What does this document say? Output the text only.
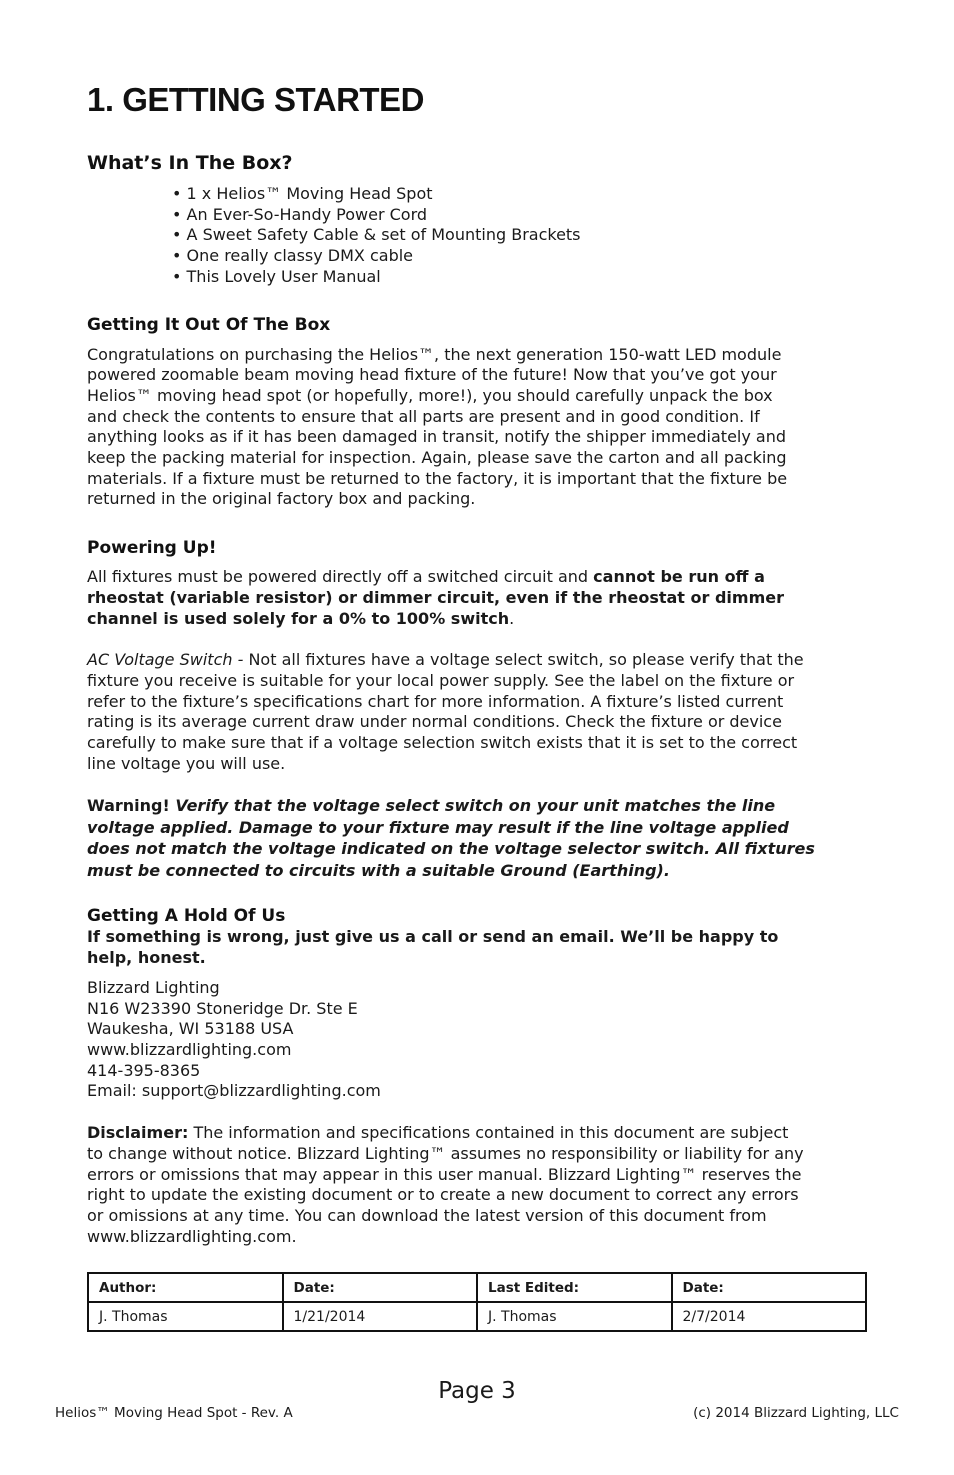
1. GETTING STARTED
What’s In The Box?
• 1 x Helios™ Moving Head Spot
• An Ever-So-Handy Power Cord
• A Sweet Safety Cable & set of Mounting Brackets
• One really classy DMX cable
• This Lovely User Manual
Getting It Out Of The Box
Congratulations on purchasing the Helios™, the next generation 150-watt LED module
powered zoomable beam moving head fixture of the future! Now that you’ve got your
Helios™ moving head spot (or hopefully, more!), you should carefully unpack the box
and check the contents to ensure that all parts are present and in good condition. If
anything looks as if it has been damaged in transit, notify the shipper immediately and
keep the packing material for inspection. Again, please save the carton and all packing
materials. If a fixture must be returned to the factory, it is important that the fixture be
returned in the original factory box and packing.
Powering Up!
All fixtures must be powered directly off a switched circuit and cannot be run off a
rheostat (variable resistor) or dimmer circuit, even if the rheostat or dimmer
channel is used solely for a 0% to 100% switch.
AC Voltage Switch - Not all fixtures have a voltage select switch, so please verify that the
fixture you receive is suitable for your local power supply. See the label on the fixture or
refer to the fixture’s specifications chart for more information. A fixture’s listed current
rating is its average current draw under normal conditions. Check the fixture or device
carefully to make sure that if a voltage selection switch exists that it is set to the correct
line voltage you will use.
Warning! Verify that the voltage select switch on your unit matches the line
voltage applied. Damage to your fixture may result if the line voltage applied
does not match the voltage indicated on the voltage selector switch. All fixtures
must be connected to circuits with a suitable Ground (Earthing).
Getting A Hold Of Us
If something is wrong, just give us a call or send an email. We’ll be happy to
help, honest.
Blizzard Lighting
N16 W23390 Stoneridge Dr. Ste E
Waukesha, WI 53188 USA
www.blizzardlighting.com
414-395-8365
Email: support@blizzardlighting.com
Disclaimer: The information and specifications contained in this document are subject
to change without notice. Blizzard Lighting™ assumes no responsibility or liability for any
errors or omissions that may appear in this user manual. Blizzard Lighting™ reserves the
right to update the existing document or to create a new document to correct any errors
or omissions at any time. You can download the latest version of this document from
www.blizzardlighting.com.
Author:	Date:	Last Edited:	Date:
J. Thomas	1/21/2014	J. Thomas	2/7/2014
Page 3
Helios™ Moving Head Spot - Rev. A	(c) 2014 Blizzard Lighting, LLC
